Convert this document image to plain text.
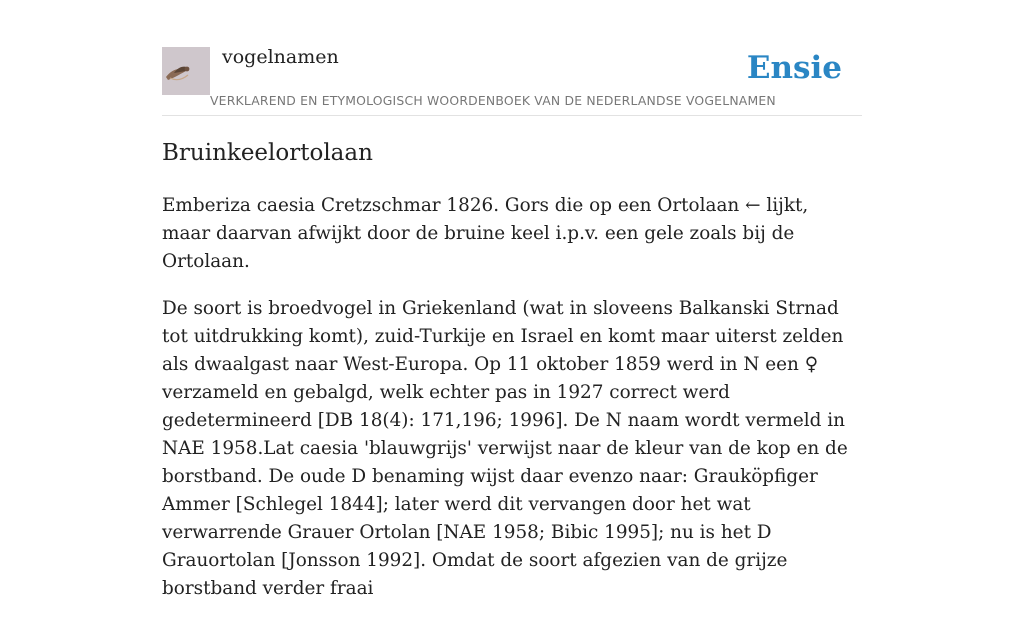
vogelnamen	Ensie
VERKLAREND EN ETYMOLOGISCH WOORDENBOEK VAN DE NEDERLANDSE VOGELNAMEN
Bruinkeelortolaan

Emberiza caesia Cretzschmar 1826. Gors die op een Ortolaan ← lijkt, maar daarvan afwijkt door de bruine keel i.p.v. een gele zoals bij de Ortolaan.

De soort is broedvogel in Griekenland (wat in sloveens Balkanski Strnad tot uitdrukking komt), zuid-Turkije en Israel en komt maar uiterst zelden als dwaalgast naar West-Europa. Op 11 oktober 1859 werd in N een ♀ verzameld en gebalgd, welk echter pas in 1927 correct werd gedetermineerd [DB 18(4): 171,196; 1996]. De N naam wordt vermeld in NAE 1958.Lat caesia 'blauwgrijs' verwijst naar de kleur van de kop en de borstband. De oude D benaming wijst daar evenzo naar: Grauköpfiger Ammer [Schlegel 1844]; later werd dit vervangen door het wat verwarrende Grauer Ortolan [NAE 1958; Bibic 1995]; nu is het D Grauortolan [Jonsson 1992]. Omdat de soort afgezien van de grijze borstband verder fraai
